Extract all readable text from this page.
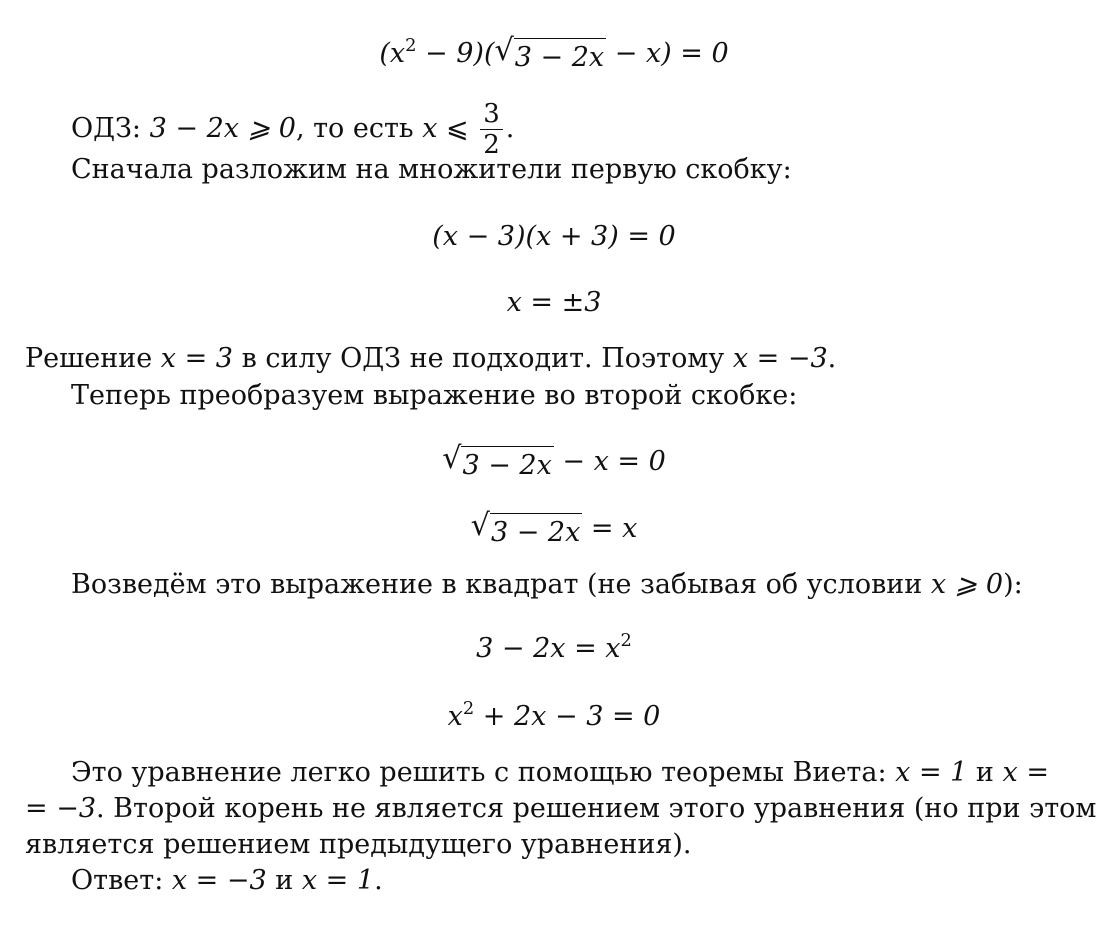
$(x^2 - 9)$( √ 3 − 2x − x) = 0
ОДЗ: 3 − 2x ⩾ 0, то есть x ⩽ $\frac{3}{2}$ .
Сначала разложим на множители первую скобку:
(x − 3)(x + 3) = 0
x = ±3
Решение x = 3 в силу ОДЗ не подходит. Поэтому x = −3.
Теперь преобразуем выражение во второй скобке:
√ 3 − 2x − x = 0
√ 3 − 2x = x
Возведём это выражение в квадрат (не забывая об условии x ⩾ 0):
$3 - 2x = x^2$
$x^2 + 2x - 3 = 0$
Это уравнение легко решить с помощью теоремы Виета: x = 1 и x =
= −3. Второй корень не является решением этого уравнения (но при этом
является решением предыдущего уравнения).
Ответ: x = −3 и x = 1.
